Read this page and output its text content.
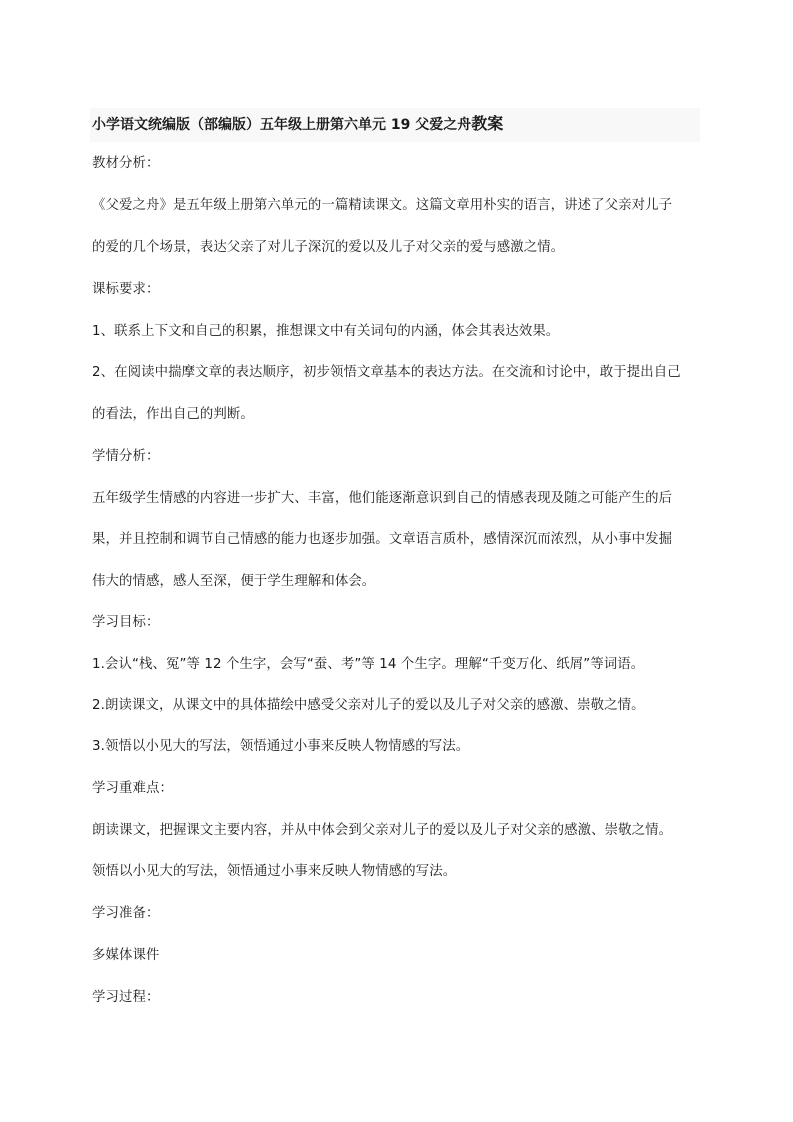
小学语文统编版（部编版）五年级上册第六单元 19 父爱之舟教案
教材分析：
《父爱之舟》是五年级上册第六单元的一篇精读课文。这篇文章用朴实的语言，讲述了父亲对儿子
的爱的几个场景，表达父亲了对儿子深沉的爱以及儿子对父亲的爱与感激之情。
课标要求：
1、联系上下文和自己的积累，推想课文中有关词句的内涵，体会其表达效果。
2、在阅读中揣摩文章的表达顺序，初步领悟文章基本的表达方法。在交流和讨论中，敢于提出自己
的看法，作出自己的判断。
学情分析：
五年级学生情感的内容进一步扩大、丰富，他们能逐渐意识到自己的情感表现及随之可能产生的后
果，并且控制和调节自己情感的能力也逐步加强。文章语言质朴，感情深沉而浓烈，从小事中发掘
伟大的情感，感人至深，便于学生理解和体会。
学习目标：
1.会认“栈、冤”等 12 个生字，会写“蚕、考”等 14 个生字。理解“千变万化、纸屑”等词语。
2.朗读课文，从课文中的具体描绘中感受父亲对儿子的爱以及儿子对父亲的感激、崇敬之情。
3.领悟以小见大的写法，领悟通过小事来反映人物情感的写法。
学习重难点：
朗读课文，把握课文主要内容，并从中体会到父亲对儿子的爱以及儿子对父亲的感激、崇敬之情。
领悟以小见大的写法，领悟通过小事来反映人物情感的写法。
学习准备：
多媒体课件
学习过程：
